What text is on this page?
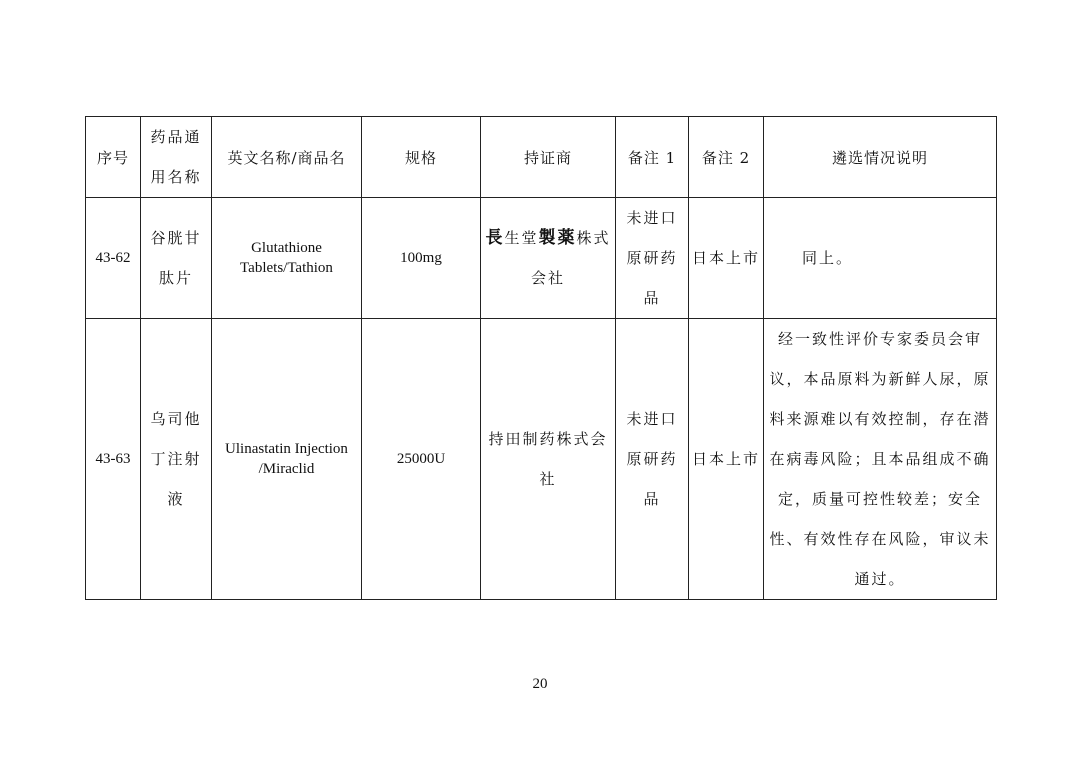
序号	药品通用名称	英文名称/商品名	规格	持证商	备注 1	备注 2	遴选情况说明
43-62	谷胱甘肽片	Glutathione Tablets/Tathion	100mg	長生堂製薬株式会社	未进口原研药品	日本上市	同上。
43-63	乌司他丁注射液	Ulinastatin Injection /Miraclid	25000U	持田制药株式会社	未进口原研药品	日本上市	经一致性评价专家委员会审议，本品原料为新鲜人尿，原料来源难以有效控制，存在潜在病毒风险；且本品组成不确定，质量可控性较差；安全性、有效性存在风险，审议未通过。
20
